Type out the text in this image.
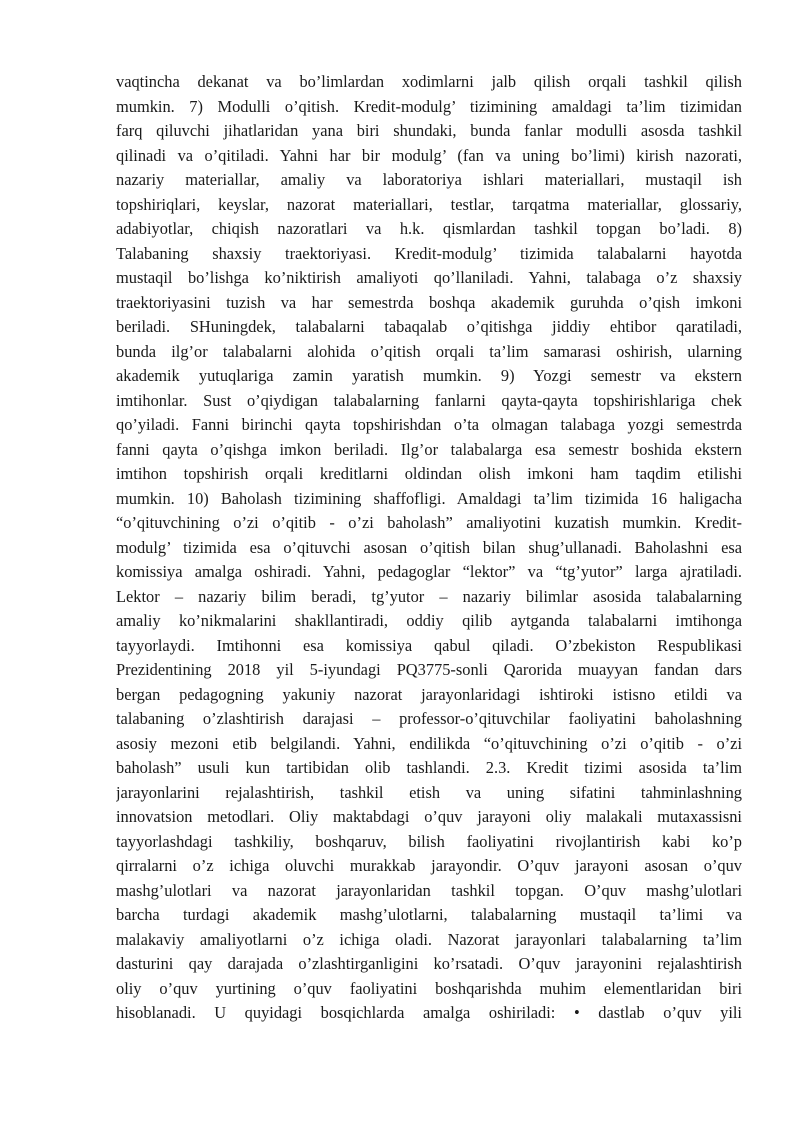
vaqtincha dekanat va bo’limlardan xodimlarni jalb qilish orqali tashkil qilish
mumkin. 7) Modulli o’qitish. Kredit-modulg’ tizimining amaldagi ta’lim tizimidan
farq qiluvchi jihatlaridan yana biri shundaki, bunda fanlar modulli asosda tashkil
qilinadi va o’qitiladi. Yahni har bir modulg’ (fan va uning bo’limi) kirish nazorati,
nazariy materiallar, amaliy va laboratoriya ishlari materiallari, mustaqil ish
topshiriqlari, keyslar, nazorat materiallari, testlar, tarqatma materiallar, glossariy,
adabiyotlar, chiqish nazoratlari va h.k. qismlardan tashkil topgan bo’ladi. 8)
Talabaning shaxsiy traektoriyasi. Kredit-modulg’ tizimida talabalarni hayotda
mustaqil bo’lishga ko’niktirish amaliyoti qo’llaniladi. Yahni, talabaga o’z shaxsiy
traektoriyasini tuzish va har semestrda boshqa akademik guruhda o’qish imkoni
beriladi. SHuningdek, talabalarni tabaqalab o’qitishga jiddiy ehtibor qaratiladi,
bunda ilg’or talabalarni alohida o’qitish orqali ta’lim samarasi oshirish, ularning
akademik yutuqlariga zamin yaratish mumkin. 9) Yozgi semestr va ekstern
imtihonlar. Sust o’qiydigan talabalarning fanlarni qayta-qayta topshirishlariga chek
qo’yiladi. Fanni birinchi qayta topshirishdan o’ta olmagan talabaga yozgi semestrda
fanni qayta o’qishga imkon beriladi. Ilg’or talabalarga esa semestr boshida ekstern
imtihon topshirish orqali kreditlarni oldindan olish imkoni ham taqdim etilishi
mumkin. 10) Baholash tizimining shaffofligi. Amaldagi ta’lim tizimida 16 haligacha
“o’qituvchining o’zi o’qitib - o’zi baholash” amaliyotini kuzatish mumkin. Kredit-
modulg’ tizimida esa o’qituvchi asosan o’qitish bilan shug’ullanadi. Baholashni esa
komissiya amalga oshiradi. Yahni, pedagoglar “lektor” va “tg’yutor” larga ajratiladi.
Lektor – nazariy bilim beradi, tg’yutor – nazariy bilimlar asosida talabalarning
amaliy ko’nikmalarini shakllantiradi, oddiy qilib aytganda talabalarni imtihonga
tayyorlaydi. Imtihonni esa komissiya qabul qiladi. O’zbekiston Respublikasi
Prezidentining 2018 yil 5-iyundagi PQ3775-sonli Qarorida muayyan fandan dars
bergan pedagogning yakuniy nazorat jarayonlaridagi ishtiroki istisno etildi va
talabaning o’zlashtirish darajasi – professor-o’qituvchilar faoliyatini baholashning
asosiy mezoni etib belgilandi. Yahni, endilikda “o’qituvchining o’zi o’qitib - o’zi
baholash” usuli kun tartibidan olib tashlandi. 2.3. Kredit tizimi asosida ta’lim
jarayonlarini rejalashtirish, tashkil etish va uning sifatini tahminlashning
innovatsion metodlari. Oliy maktabdagi o’quv jarayoni oliy malakali mutaxassisni
tayyorlashdagi tashkiliy, boshqaruv, bilish faoliyatini rivojlantirish kabi ko’p
qirralarni o’z ichiga oluvchi murakkab jarayondir. O’quv jarayoni asosan o’quv
mashg’ulotlari va nazorat jarayonlaridan tashkil topgan. O’quv mashg’ulotlari
barcha turdagi akademik mashg’ulotlarni, talabalarning mustaqil ta’limi va
malakaviy amaliyotlarni o’z ichiga oladi. Nazorat jarayonlari talabalarning ta’lim
dasturini qay darajada o’zlashtirganligini ko’rsatadi. O’quv jarayonini rejalashtirish
oliy o’quv yurtining o’quv faoliyatini boshqarishda muhim elementlaridan biri
hisoblanadi. U quyidagi bosqichlarda amalga oshiriladi: • dastlab o’quv yili
